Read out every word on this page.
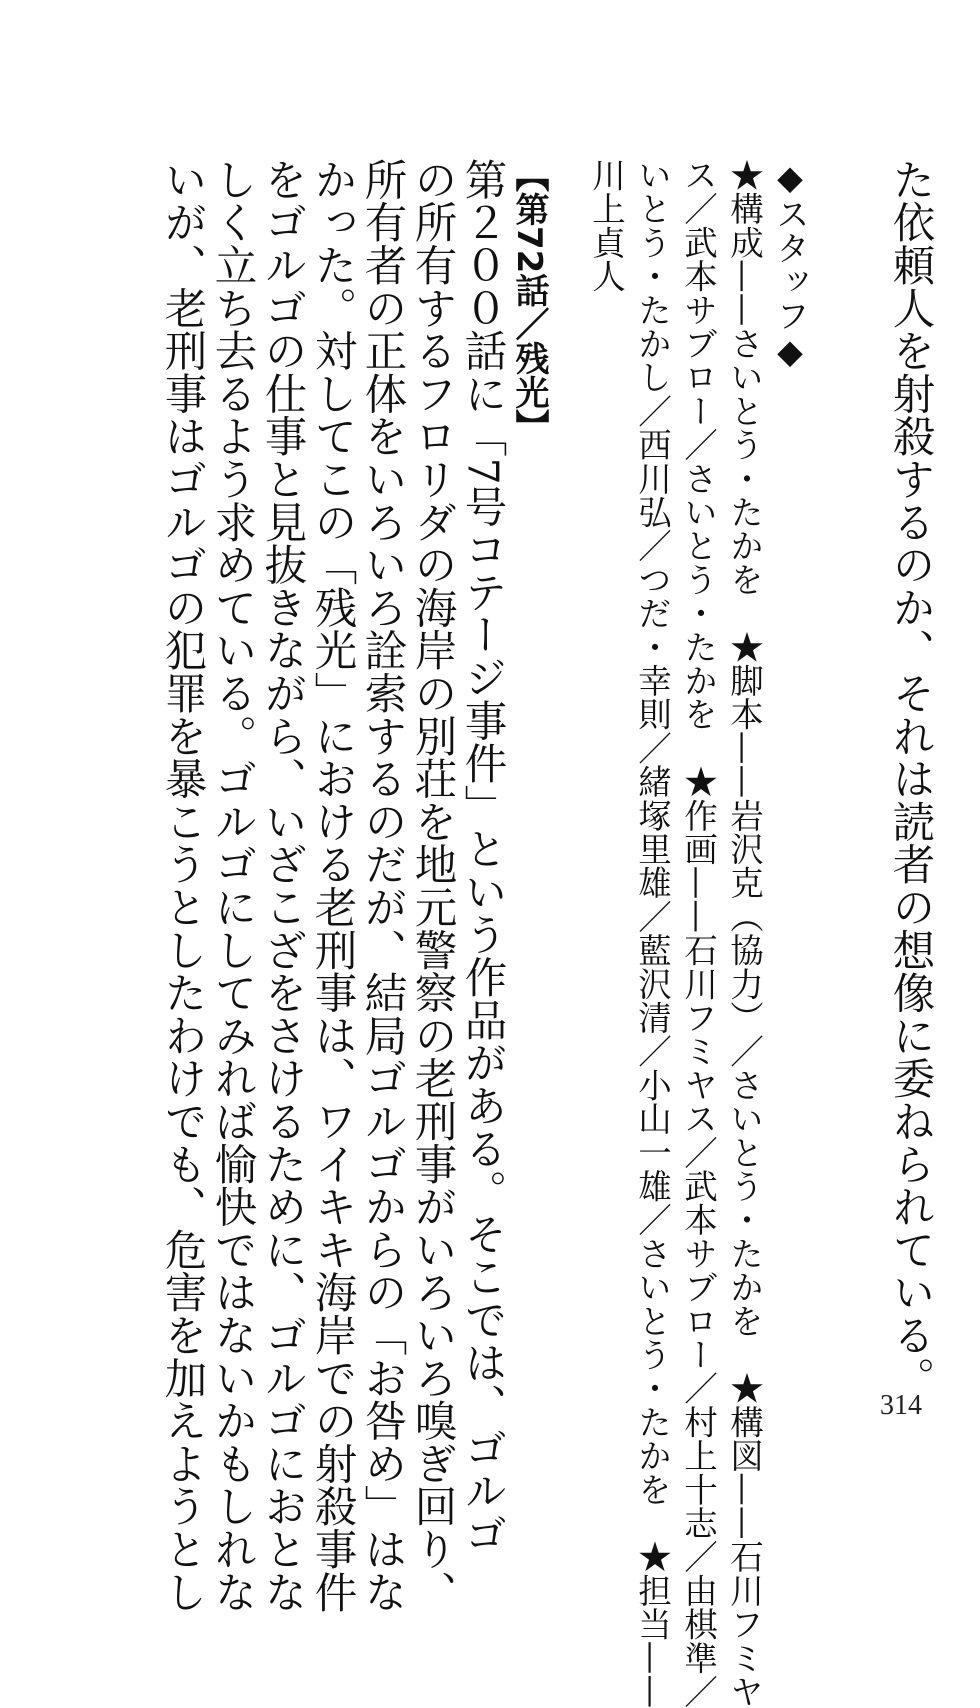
た依頼人を射殺するのか、それは読者の想像に委ねられている。
◆スタッフ◆
★構成——さいとう・たかを　★脚本——岩沢克（協力）／さいとう・たかを　★構図——石川フミヤ
ス／武本サブロー／さいとう・たかを　★作画——石川フミヤス／武本サブロー／村上十志／由棋準／
いとう・たかし／西川弘／つだ・幸則／緒塚里雄／藍沢清／小山一雄／さいとう・たかを　★担当——
川上貞人
【第72話／残光】
第２００話に「7号コテージ事件」という作品がある。そこでは、ゴルゴ
の所有するフロリダの海岸の別荘を地元警察の老刑事がいろいろ嗅ぎ回り、
所有者の正体をいろいろ詮索するのだが、結局ゴルゴからの「お咎め」はな
かった。対してこの「残光」における老刑事は、ワイキキ海岸での射殺事件
をゴルゴの仕事と見抜きながら、いざこざをさけるために、ゴルゴにおとな
しく立ち去るよう求めている。ゴルゴにしてみれば愉快ではないかもしれな
いが、老刑事はゴルゴの犯罪を暴こうとしたわけでも、危害を加えようとし	314
